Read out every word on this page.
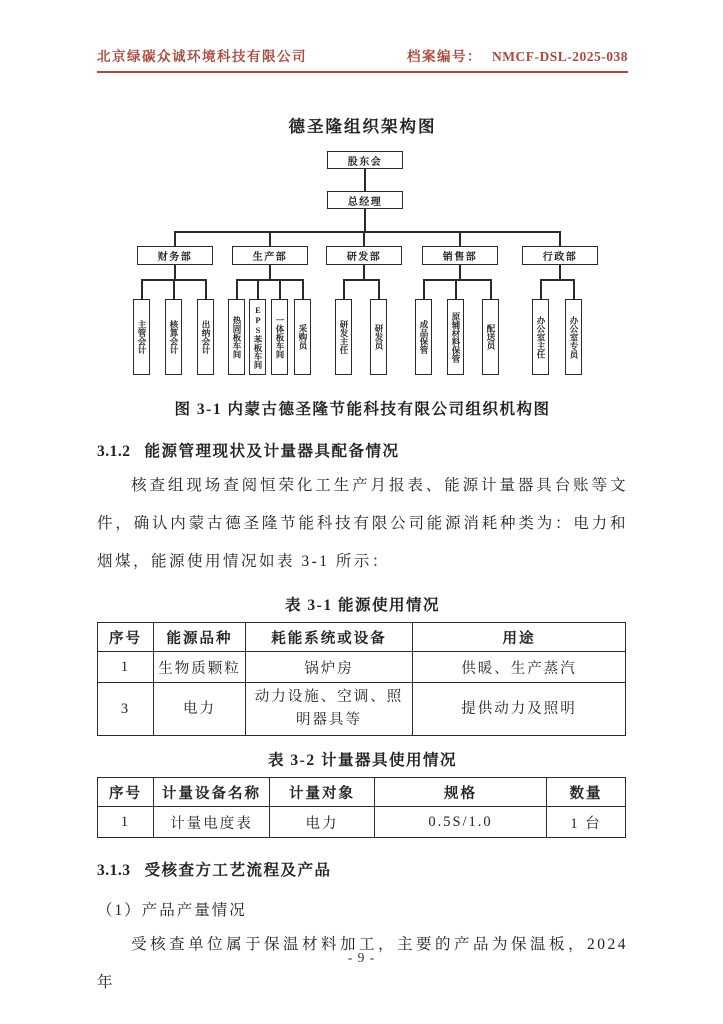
北京绿碳众诚环境科技有限公司	档案编号： NMCF-DSL-2025-038
德圣隆组织架构图
股东会
总经理
财务部	生产部	研发部	销售部	行政部
主管会计	核算会计	出纳会计	热固板车间	EPS苯板车间	一体板车间	采购员	研发主任	研发员	成品保管	原辅材料保管	配送员	办公室主任	办公室专员
图 3-1 内蒙古德圣隆节能科技有限公司组织机构图
3.1.2 能源管理现状及计量器具配备情况

核查组现场查阅恒荣化工生产月报表、能源计量器具台账等文件，确认内蒙古德圣隆节能科技有限公司能源消耗种类为：电力和烟煤，能源使用情况如表 3-1 所示：

表 3-1 能源使用情况
序号	能源品种	耗能系统或设备	用途
1	生物质颗粒	锅炉房	供暖、生产蒸汽
3	电力	动力设施、空调、照明器具等	提供动力及照明
表 3-2 计量器具使用情况
序号	计量设备名称	计量对象	规格	数量
1	计量电度表	电力	0.5S/1.0	1 台
3.1.3 受核查方工艺流程及产品
（1）产品产量情况

受核查单位属于保温材料加工，主要的产品为保温板，2024 年

- 9 -
